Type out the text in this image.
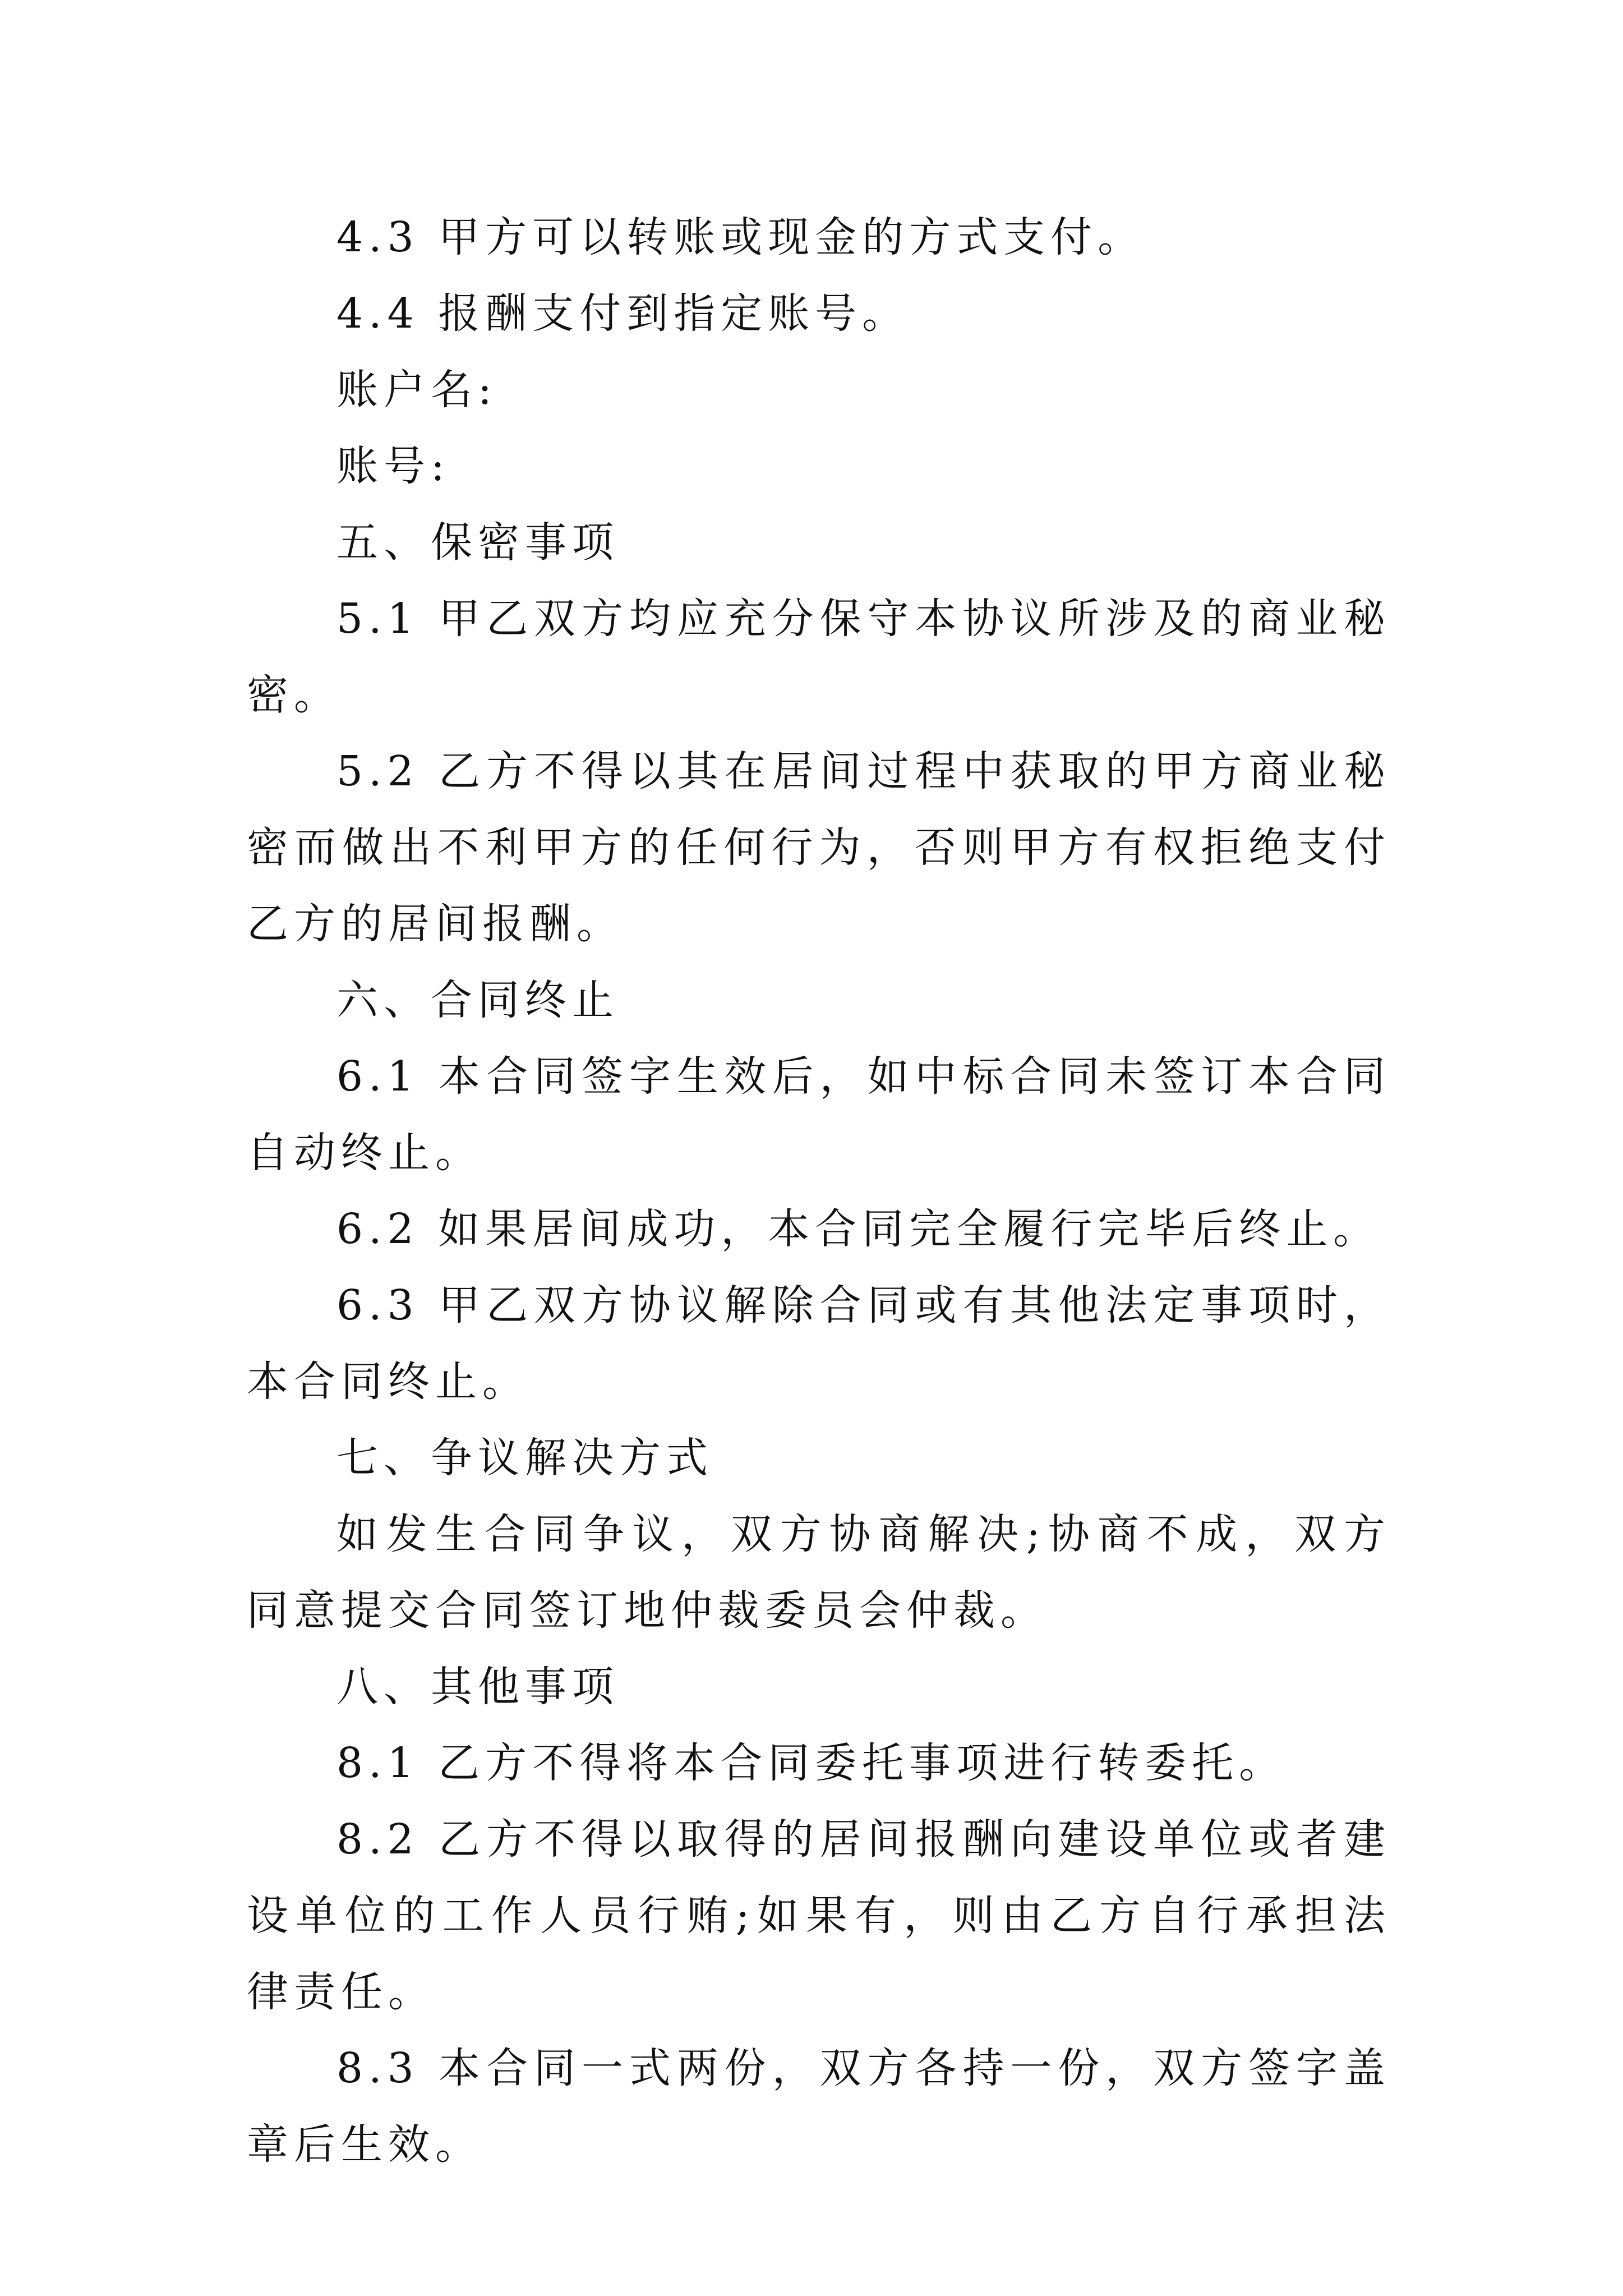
4.3 甲方可以转账或现金的方式支付。

4.4 报酬支付到指定账号。

账户名:

账号:

五、保密事项

5.1 甲乙双方均应充分保守本协议所涉及的商业秘密。

5.2 乙方不得以其在居间过程中获取的甲方商业秘密而做出不利甲方的任何行为，否则甲方有权拒绝支付乙方的居间报酬。

六、合同终止

6.1 本合同签字生效后，如中标合同未签订本合同自动终止。

6.2 如果居间成功，本合同完全履行完毕后终止。

6.3 甲乙双方协议解除合同或有其他法定事项时，本合同终止。

七、争议解决方式

如发生合同争议，双方协商解决;协商不成，双方同意提交合同签订地仲裁委员会仲裁。

八、其他事项

8.1 乙方不得将本合同委托事项进行转委托。

8.2 乙方不得以取得的居间报酬向建设单位或者建设单位的工作人员行贿;如果有，则由乙方自行承担法律责任。

8.3 本合同一式两份，双方各持一份，双方签字盖章后生效。
